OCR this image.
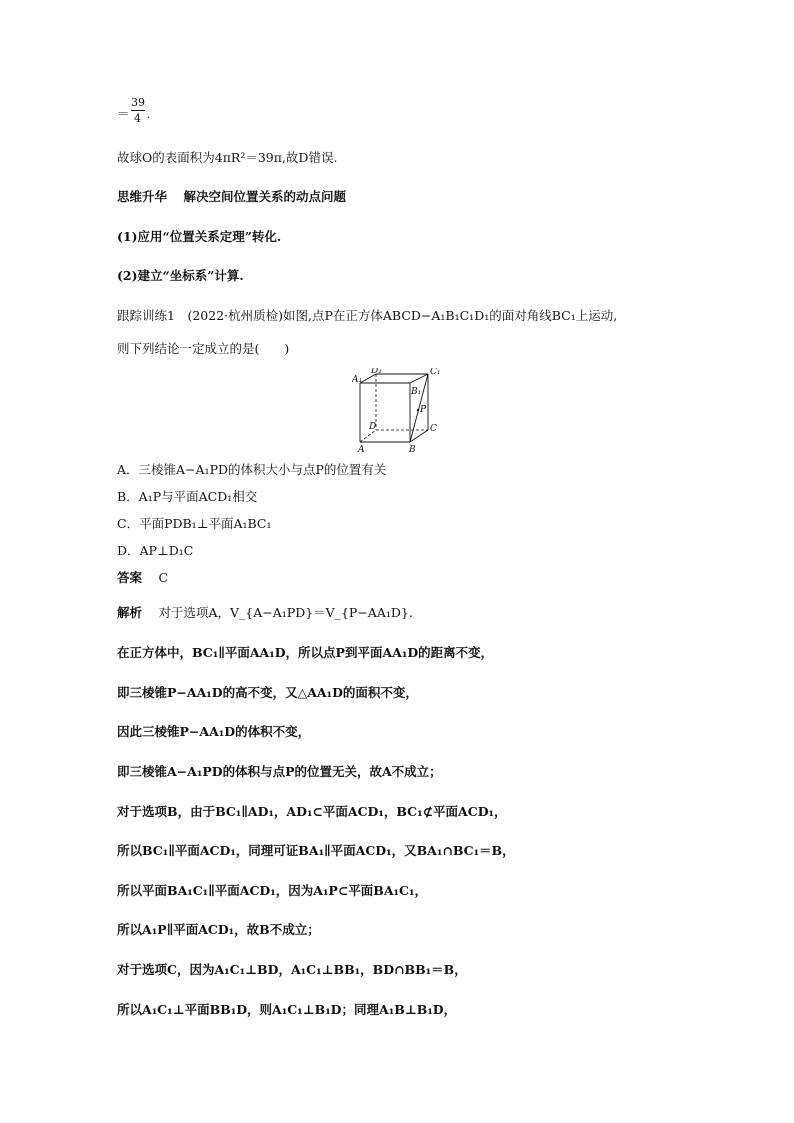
＝
39
4 .
故球O的表面积为4πR²＝39π,故D错误.
思维升华　 解决空间位置关系的动点问题
(1)应用“位置关系定理”转化.
(2)建立“坐标系”计算.
跟踪训练1　(2022·杭州质检)如图,点P在正方体ABCD−A₁B₁C₁D₁的面对角线BC₁上运动,
则下列结论一定成立的是(　　)
D₁	C₁
A₁
B₁
P
D	C
A	B
A．三棱锥A−A₁PD的体积大小与点P的位置有关
B．A₁P与平面ACD₁相交
C．平面PDB₁⊥平面A₁BC₁
D．AP⊥D₁C
答案　 C
解析　 对于选项A，V_{A−A₁PD}＝V_{P−AA₁D}.
在正方体中，BC₁∥平面AA₁D，所以点P到平面AA₁D的距离不变，
即三棱锥P−AA₁D的高不变，又△AA₁D的面积不变，
因此三棱锥P−AA₁D的体积不变，
即三棱锥A−A₁PD的体积与点P的位置无关，故A不成立；
对于选项B，由于BC₁∥AD₁，AD₁⊂平面ACD₁，BC₁⊄平面ACD₁，
所以BC₁∥平面ACD₁，同理可证BA₁∥平面ACD₁，又BA₁∩BC₁＝B，
所以平面BA₁C₁∥平面ACD₁，因为A₁P⊂平面BA₁C₁，
所以A₁P∥平面ACD₁，故B不成立；
对于选项C，因为A₁C₁⊥BD，A₁C₁⊥BB₁，BD∩BB₁＝B，
所以A₁C₁⊥平面BB₁D，则A₁C₁⊥B₁D；同理A₁B⊥B₁D，
